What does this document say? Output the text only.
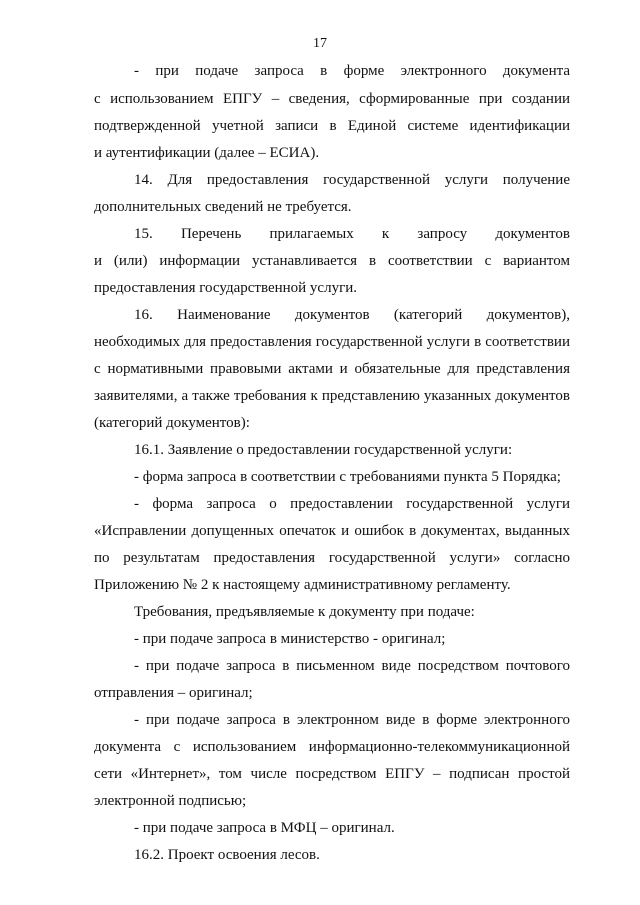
17
- при подаче запроса в форме электронного документа
с использованием ЕПГУ – сведения, сформированные при создании
подтвержденной учетной записи в Единой системе идентификации
и аутентификации (далее – ЕСИА).
14. Для предоставления государственной услуги получение
дополнительных сведений не требуется.
15. Перечень прилагаемых к запросу документов
и (или) информации устанавливается в соответствии с вариантом
предоставления государственной услуги.
16. Наименование документов (категорий документов),
необходимых для предоставления государственной услуги в соответствии
с нормативными правовыми актами и обязательные для представления
заявителями, а также требования к представлению указанных документов
(категорий документов):
16.1. Заявление о предоставлении государственной услуги:
- форма запроса в соответствии с требованиями пункта 5 Порядка;
- форма запроса о предоставлении государственной услуги
«Исправлении допущенных опечаток и ошибок в документах, выданных
по результатам предоставления государственной услуги» согласно
Приложению № 2 к настоящему административному регламенту.
Требования, предъявляемые к документу при подаче:
- при подаче запроса в министерство - оригинал;
- при подаче запроса в письменном виде посредством почтового
отправления – оригинал;
- при подаче запроса в электронном виде в форме электронного
документа с использованием информационно-телекоммуникационной
сети «Интернет», том числе посредством ЕПГУ – подписан простой
электронной подписью;
- при подаче запроса в МФЦ – оригинал.
16.2. Проект освоения лесов.
